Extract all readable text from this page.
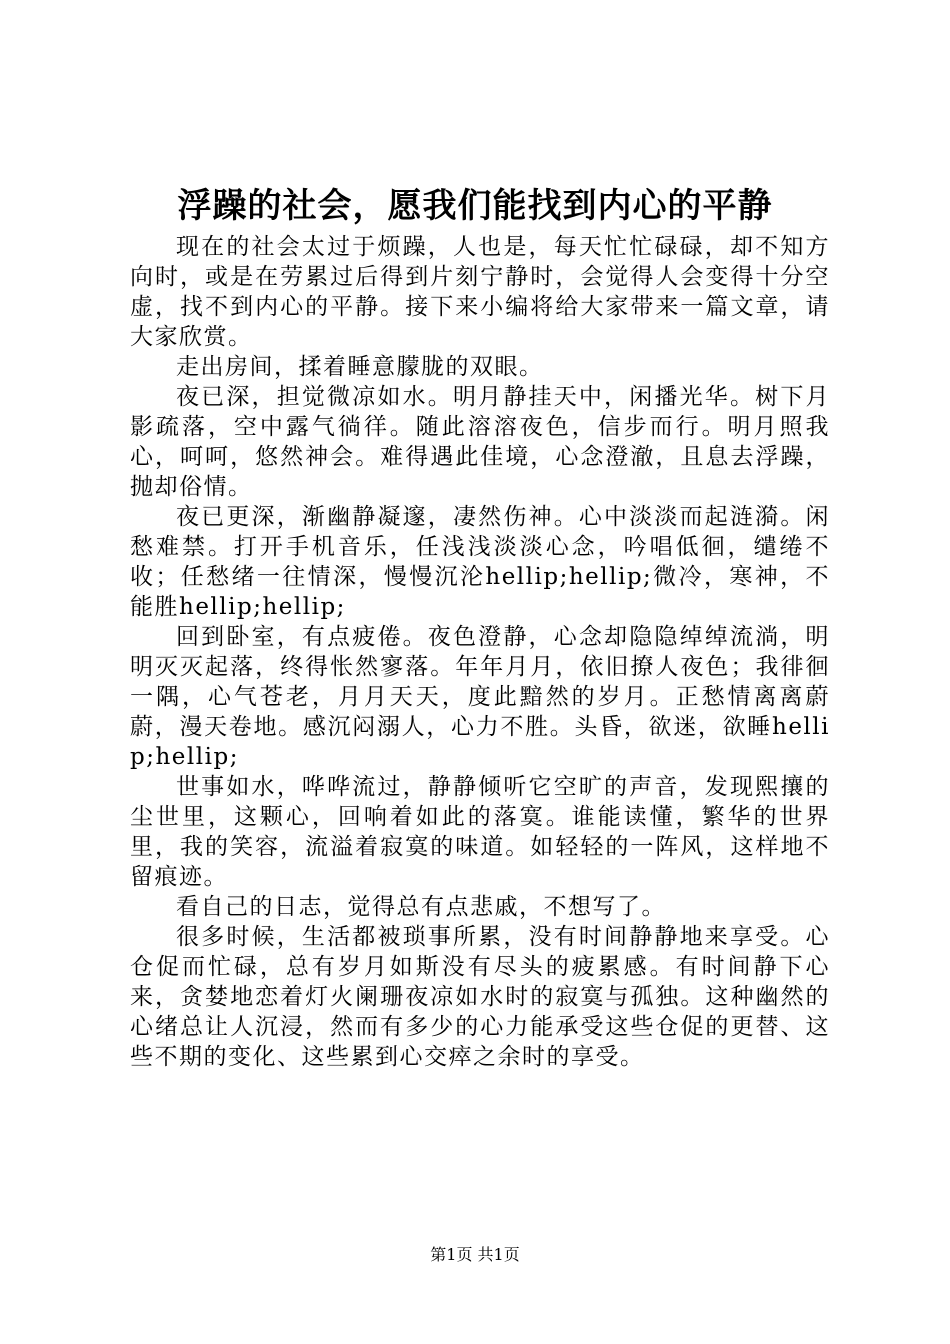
浮躁的社会，愿我们能找到内心的平静

现在的社会太过于烦躁，人也是，每天忙忙碌碌，却不知方向时，或是在劳累过后得到片刻宁静时，会觉得人会变得十分空虚，找不到内心的平静。接下来小编将给大家带来一篇文章，请大家欣赏。

走出房间，揉着睡意朦胧的双眼。

夜已深，担觉微凉如水。明月静挂天中，闲播光华。树下月影疏落，空中露气徜徉。随此溶溶夜色，信步而行。明月照我心，呵呵，悠然神会。难得遇此佳境，心念澄澈，且息去浮躁，抛却俗情。

夜已更深，渐幽静凝邃，凄然伤神。心中淡淡而起涟漪。闲愁难禁。打开手机音乐，任浅浅淡淡心念，吟唱低徊，缱绻不收；任愁绪一往情深，慢慢沉沦hellip;hellip;微冷，寒神，不能胜hellip;hellip;

回到卧室，有点疲倦。夜色澄静，心念却隐隐绰绰流淌，明明灭灭起落，终得怅然寥落。年年月月，依旧撩人夜色；我徘徊一隅，心气苍老，月月天天，度此黯然的岁月。正愁情离离蔚蔚，漫天卷地。感沉闷溺人，心力不胜。头昏，欲迷，欲睡hellip;hellip;

世事如水，哗哗流过，静静倾听它空旷的声音，发现熙攘的尘世里，这颗心，回响着如此的落寞。谁能读懂，繁华的世界里，我的笑容，流溢着寂寞的味道。如轻轻的一阵风，这样地不留痕迹。

看自己的日志，觉得总有点悲戚，不想写了。

很多时候，生活都被琐事所累，没有时间静静地来享受。心仓促而忙碌，总有岁月如斯没有尽头的疲累感。有时间静下心来，贪婪地恋着灯火阑珊夜凉如水时的寂寞与孤独。这种幽然的心绪总让人沉浸，然而有多少的心力能承受这些仓促的更替、这些不期的变化、这些累到心交瘁之余时的享受。

第1页 共1页
